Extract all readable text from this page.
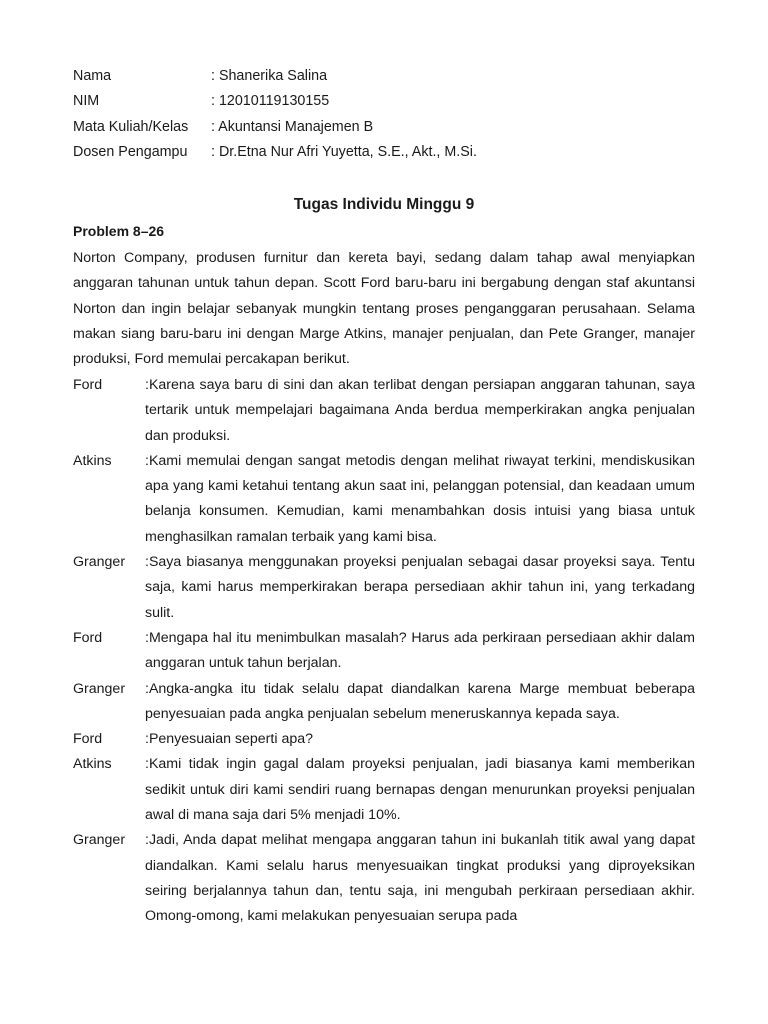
Nama	: Shanerika Salina
NIM	: 12010119130155
Mata Kuliah/Kelas	: Akuntansi Manajemen B
Dosen Pengampu	: Dr.Etna Nur Afri Yuyetta, S.E., Akt., M.Si.
Tugas Individu Minggu 9
Problem 8–26

Norton Company, produsen furnitur dan kereta bayi, sedang dalam tahap awal menyiapkan anggaran tahunan untuk tahun depan. Scott Ford baru-baru ini bergabung dengan staf akuntansi Norton dan ingin belajar sebanyak mungkin tentang proses penganggaran perusahaan. Selama makan siang baru-baru ini dengan Marge Atkins, manajer penjualan, dan Pete Granger, manajer produksi, Ford memulai percakapan berikut.

Ford	:Karena saya baru di sini dan akan terlibat dengan persiapan anggaran tahunan, saya tertarik untuk mempelajari bagaimana Anda berdua memperkirakan angka penjualan dan produksi.
Atkins	:Kami memulai dengan sangat metodis dengan melihat riwayat terkini, mendiskusikan apa yang kami ketahui tentang akun saat ini, pelanggan potensial, dan keadaan umum belanja konsumen. Kemudian, kami menambahkan dosis intuisi yang biasa untuk menghasilkan ramalan terbaik yang kami bisa.
Granger	:Saya biasanya menggunakan proyeksi penjualan sebagai dasar proyeksi saya. Tentu saja, kami harus memperkirakan berapa persediaan akhir tahun ini, yang terkadang sulit.
Ford	:Mengapa hal itu menimbulkan masalah? Harus ada perkiraan persediaan akhir dalam anggaran untuk tahun berjalan.
Granger	:Angka-angka itu tidak selalu dapat diandalkan karena Marge membuat beberapa penyesuaian pada angka penjualan sebelum meneruskannya kepada saya.
Ford	:Penyesuaian seperti apa?
Atkins	:Kami tidak ingin gagal dalam proyeksi penjualan, jadi biasanya kami memberikan sedikit untuk diri kami sendiri ruang bernapas dengan menurunkan proyeksi penjualan awal di mana saja dari 5% menjadi 10%.
Granger	:Jadi, Anda dapat melihat mengapa anggaran tahun ini bukanlah titik awal yang dapat diandalkan. Kami selalu harus menyesuaikan tingkat produksi yang diproyeksikan seiring berjalannya tahun dan, tentu saja, ini mengubah perkiraan persediaan akhir. Omong-omong, kami melakukan penyesuaian serupa pada
